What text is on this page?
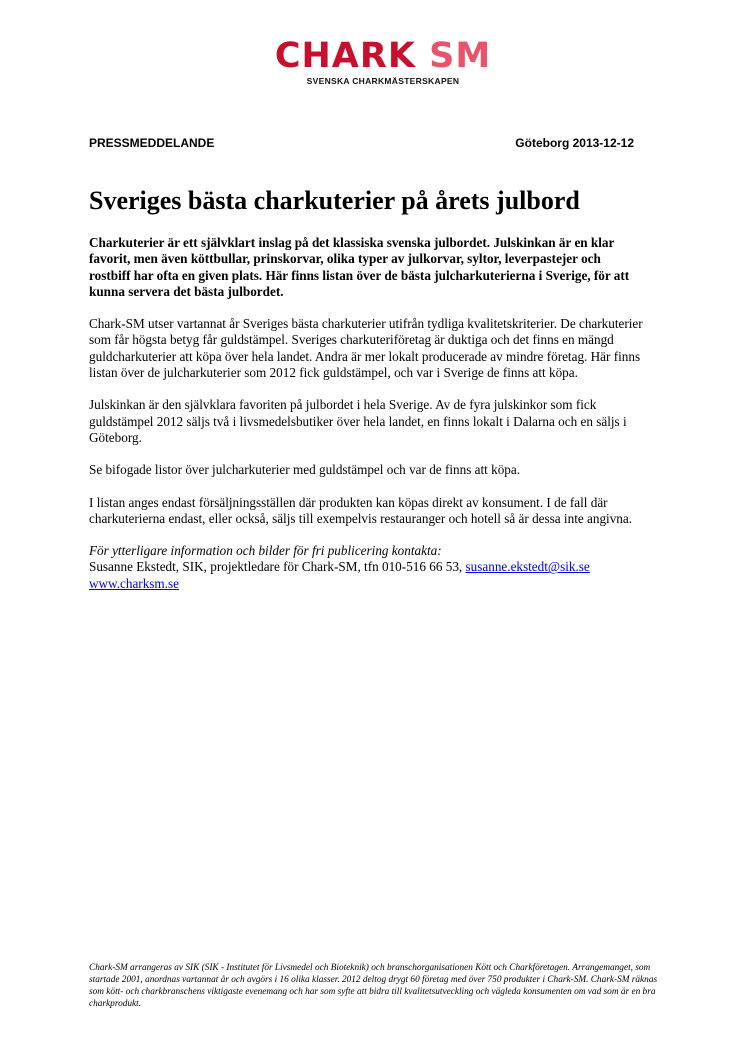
CHARK SM
SVENSKA CHARKMÄSTERSKAPEN
PRESSMEDDELANDE	Göteborg 2013-12-12
Sveriges bästa charkuterier på årets julbord

Charkuterier är ett självklart inslag på det klassiska svenska julbordet. Julskinkan är en klar favorit, men även köttbullar, prinskorvar, olika typer av julkorvar, syltor, leverpastejer och rostbiff har ofta en given plats. Här finns listan över de bästa julcharkuterierna i Sverige, för att kunna servera det bästa julbordet.

Chark-SM utser vartannat år Sveriges bästa charkuterier utifrån tydliga kvalitetskriterier. De charkuterier som får högsta betyg får guldstämpel. Sveriges charkuteriföretag är duktiga och det finns en mängd guldcharkuterier att köpa över hela landet. Andra är mer lokalt producerade av mindre företag. Här finns listan över de julcharkuterier som 2012 fick guldstämpel, och var i Sverige de finns att köpa.

Julskinkan är den självklara favoriten på julbordet i hela Sverige. Av de fyra julskinkor som fick guldstämpel 2012 säljs två i livsmedelsbutiker över hela landet, en finns lokalt i Dalarna och en säljs i Göteborg.

Se bifogade listor över julcharkuterier med guldstämpel och var de finns att köpa.

I listan anges endast försäljningsställen där produkten kan köpas direkt av konsument. I de fall där charkuterierna endast, eller också, säljs till exempelvis restauranger och hotell så är dessa inte angivna.

För ytterligare information och bilder för fri publicering kontakta:
Susanne Ekstedt, SIK, projektledare för Chark-SM, tfn 010-516 66 53, susanne.ekstedt@sik.se
www.charksm.se

Chark-SM arrangeras av SIK (SIK - Institutet för Livsmedel och Bioteknik) och branschorganisationen Kött och Charkföretagen. Arrangemanget, som startade 2001, anordnas vartannat år och avgörs i 16 olika klasser. 2012 deltog drygt 60 företag med över 750 produkter i Chark-SM. Chark-SM räknas som kött- och charkbranschens viktigaste evenemang och har som syfte att bidra till kvalitetsutveckling och vägleda konsumenten om vad som är en bra charkprodukt.
